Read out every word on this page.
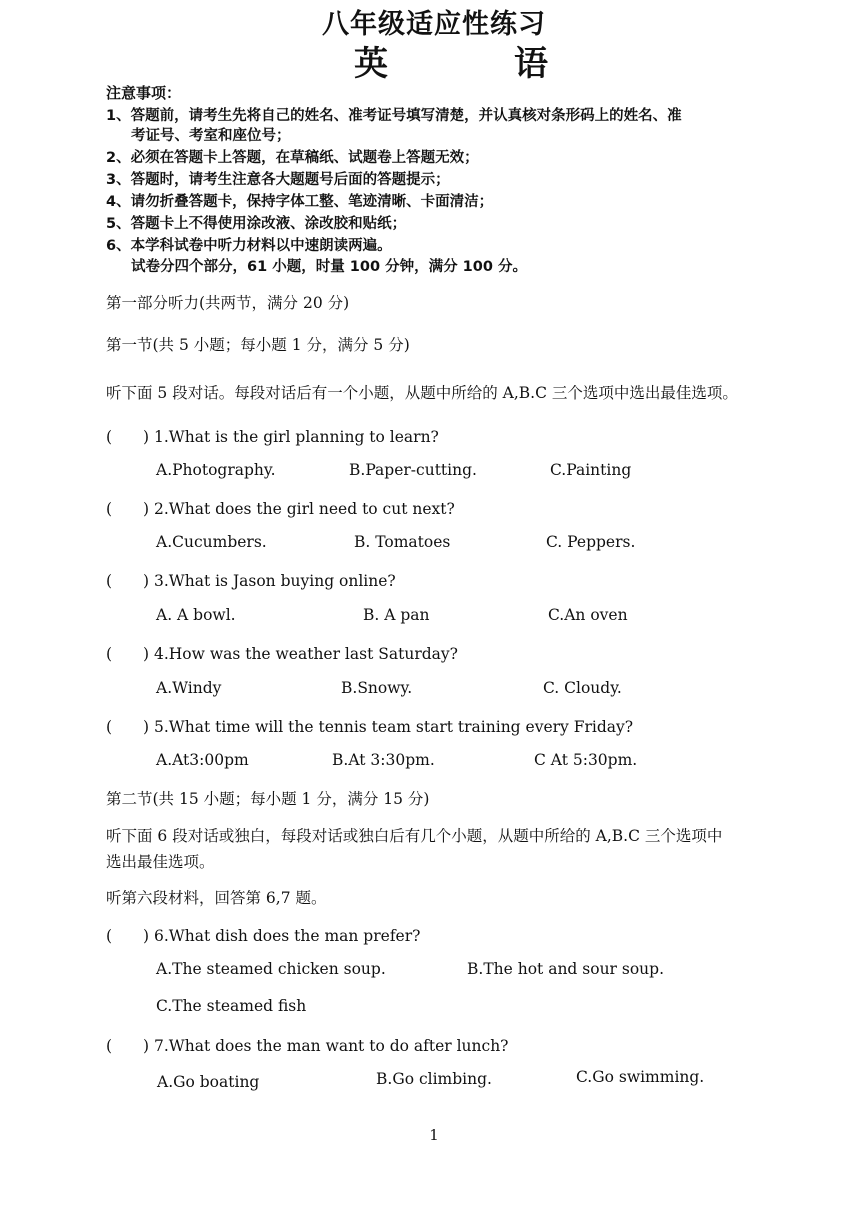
八年级适应性练习
英　语
注意事项：
1、答题前，请考生先将自己的姓名、准考证号填写清楚，并认真核对条形码上的姓名、准
考证号、考室和座位号；
2、必须在答题卡上答题，在草稿纸、试题卷上答题无效；
3、答题时，请考生注意各大题题号后面的答题提示；
4、请勿折叠答题卡，保持字体工整、笔迹清晰、卡面清洁；
5、答题卡上不得使用涂改液、涂改胶和贴纸；
6、本学科试卷中听力材料以中速朗读两遍。
试卷分四个部分，61 小题，时量 100 分钟，满分 100 分。
第一部分听力(共两节，满分 20 分)
第一节(共 5 小题；每小题 1 分，满分 5 分)
听下面 5 段对话。每段对话后有一个小题，从题中所给的 A,B.C 三个选项中选出最佳选项。
(　　) 1.What is the girl planning to learn?
A.Photography.	B.Paper-cutting.	C.Painting
(　　) 2.What does the girl need to cut next?
A.Cucumbers.	B. Tomatoes	C. Peppers.
(　　) 3.What is Jason buying online?
A. A bowl.	B. A pan	C.An oven
(　　) 4.How was the weather last Saturday?
A.Windy	B.Snowy.	C. Cloudy.
(　　) 5.What time will the tennis team start training every Friday?
A.At3:00pm	B.At 3:30pm.	C At 5:30pm.
第二节(共 15 小题；每小题 1 分，满分 15 分)
听下面 6 段对话或独白，每段对话或独白后有几个小题，从题中所给的 A,B.C 三个选项中
选出最佳选项。
听第六段材料，回答第 6,7 题。
(　　) 6.What dish does the man prefer?
A.The steamed chicken soup.	B.The hot and sour soup.
C.The steamed fish
(　　) 7.What does the man want to do after lunch?
A.Go boating	B.Go climbing.	C.Go swimming.
1
